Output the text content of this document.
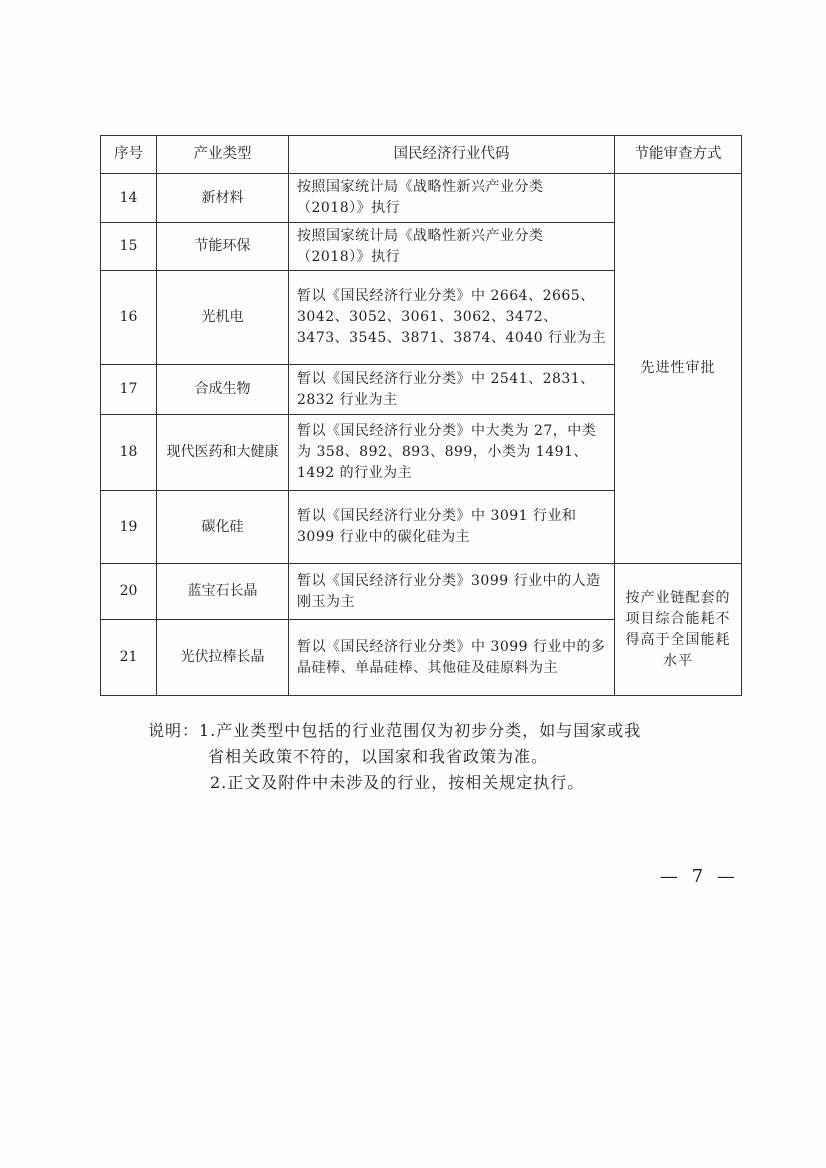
序号	产业类型	国民经济行业代码	节能审查方式
14	新材料	按照国家统计局《战略性新兴产业分类（2018）》执行	先进性审批
15	节能环保	按照国家统计局《战略性新兴产业分类（2018）》执行	
16	光机电	暂以《国民经济行业分类》中 2664、2665、3042、3052、3061、3062、3472、3473、3545、3871、3874、4040 行业为主	
17	合成生物	暂以《国民经济行业分类》中 2541、2831、2832 行业为主	
18	现代医药和大健康	暂以《国民经济行业分类》中大类为 27，中类为 358、892、893、899，小类为 1491、1492 的行业为主	
19	碳化硅	暂以《国民经济行业分类》中 3091 行业和 3099 行业中的碳化硅为主	
20	蓝宝石长晶	暂以《国民经济行业分类》3099 行业中的人造刚玉为主	按产业链配套的项目综合能耗不得高于全国能耗水平
21	光伏拉棒长晶	暂以《国民经济行业分类》中 3099 行业中的多晶硅棒、单晶硅棒、其他硅及硅原料为主	
说明：1.产业类型中包括的行业范围仅为初步分类，如与国家或我
省相关政策不符的，以国家和我省政策为准。
2.正文及附件中未涉及的行业，按相关规定执行。
— 7 —
